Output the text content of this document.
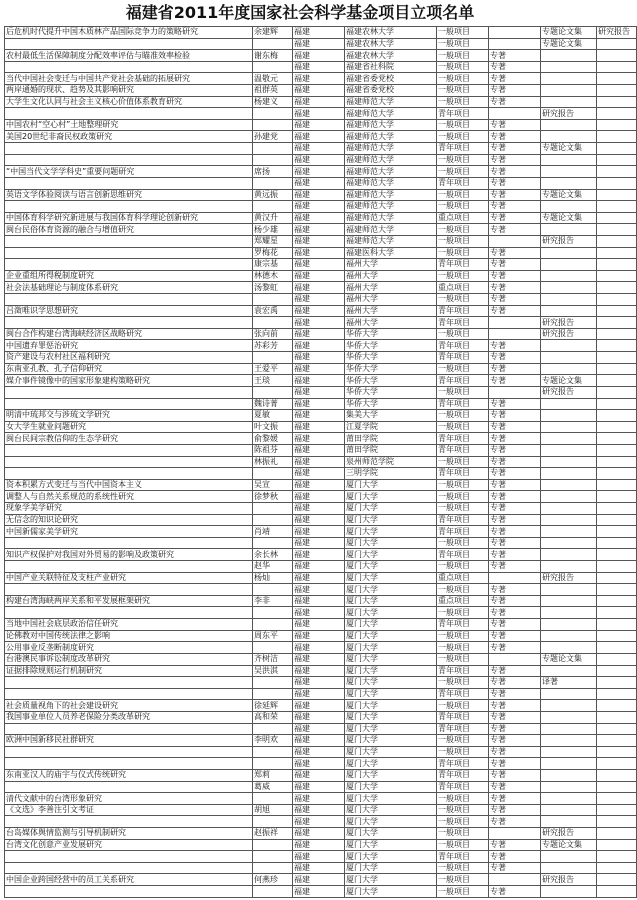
福建省2011年度国家社会科学基金项目立项名单
后危机时代提升中国木质林产品国际竞争力的策略研究	余建辉	福建	福建农林大学	一般项目		专题论文集	研究报告
		福建	福建农林大学	一般项目		专题论文集	
农村最低生活保障制度分配效率评估与瞄准效率检验	谢东梅	福建	福建农林大学	一般项目	专著		
		福建	福建省社科院	一般项目	专著		
当代中国社会变迁与中国共产党社会基础的拓展研究	温敬元	福建	福建省委党校	一般项目	专著		
两岸通婚的现状、趋势及其影响研究	祖群英	福建	福建省委党校	一般项目	专著		
大学生文化认同与社会主义核心价值体系教育研究	杨建义	福建	福建师范大学	一般项目	专著		
		福建	福建师范大学	青年项目		研究报告	
中国农村“空心村”土地整理研究		福建	福建师范大学	一般项目	专著		
美国20世纪非裔民权政策研究	孙建党	福建	福建师范大学	一般项目	专著		
		福建	福建师范大学	青年项目	专著	专题论文集	
		福建	福建师范大学	一般项目	专著		
“中国当代文学学科史”重要问题研究	席扬	福建	福建师范大学	一般项目	专著		
		福建	福建师范大学	青年项目	专著		
英语文学体验阅读与语言创新思维研究	黄远振	福建	福建师范大学	一般项目	专著	专题论文集	
		福建	福建师范大学	一般项目	专著		
中国体育科学研究新进展与我国体育科学理论创新研究	黄汉升	福建	福建师范大学	重点项目	专著	专题论文集	
闽台民俗体育资源的融合与增值研究	杨少雄	福建	福建师范大学	一般项目	专著		
	郑耀星	福建	福建师范大学	一般项目		研究报告	
	罗梅花	福建	福建医科大学	一般项目	专著		
	康宗基	福建	福州大学	青年项目	专著		
企业重组所得税制度研究	林德木	福建	福州大学	一般项目	专著		
社会法基础理论与制度体系研究	汤黎虹	福建	福州大学	重点项目	专著		
		福建	福州大学	一般项目	专著		
吕澂唯识学思想研究	袁宏禹	福建	福州大学	青年项目	专著		
		福建	福州大学	青年项目		研究报告	
闽台合作构建台湾海峡经济区战略研究	张向前	福建	华侨大学	一般项目		研究报告	
中国遗弃罪惩治研究	苏彩芳	福建	华侨大学	青年项目	专著		
资产建设与农村社区福利研究		福建	华侨大学	青年项目	专著		
东南亚孔教、孔子信仰研究	王爱平	福建	华侨大学	一般项目	专著		
媒介事件镜像中的国家形象建构策略研究	王琰	福建	华侨大学	青年项目	专著	专题论文集	
		福建	华侨大学	一般项目		研究报告	
	魏诗菁	福建	华侨大学	青年项目	专著		
明清中琉邦交与涉琉文学研究	夏敏	福建	集美大学	一般项目	专著		
女大学生就业问题研究	叶文振	福建	江夏学院	一般项目	专著		
闽台民间宗教信仰的生态学研究	俞黎媛	福建	莆田学院	青年项目	专著		
	陈祖芬	福建	莆田学院	青年项目	专著		
	林振礼	福建	泉州师范学院	一般项目	专著		
		福建	三明学院	青年项目	专著		
资本积累方式变迁与当代中国资本主义	吴宣	福建	厦门大学	一般项目	专著		
调整人与自然关系规范的系统性研究	徐梦秋	福建	厦门大学	一般项目	专著		
现象学美学研究		福建	厦门大学	一般项目	专著		
无信念的知识论研究		福建	厦门大学	青年项目	专著		
中国新儒家美学研究	肖靖	福建	厦门大学	青年项目	专著		
		福建	厦门大学	一般项目	专著		
知识产权保护对我国对外贸易的影响及政策研究	余长林	福建	厦门大学	青年项目	专著		
	赵华	福建	厦门大学	一般项目	专著		
中国产业关联特征及支柱产业研究	杨灿	福建	厦门大学	重点项目		研究报告	
		福建	厦门大学	一般项目	专著		
构建台湾海峡两岸关系和平发展框架研究	李非	福建	厦门大学	重点项目	专著		
		福建	厦门大学	一般项目	专著		
当地中国社会底层政治信任研究		福建	厦门大学	青年项目	专著		
论佛教对中国传统法律之影响	周东平	福建	厦门大学	一般项目	专著		
公用事业反垄断制度研究		福建	厦门大学	一般项目	专著		
台港澳民事诉讼制度改革研究	齐树洁	福建	厦门大学	一般项目		专题论文集	
证据排除规则运行机制研究	吴洪淇	福建	厦门大学	青年项目	专著		
		福建	厦门大学	一般项目	专著	译著	
		福建	厦门大学	青年项目	专著		
社会质量视角下的社会建设研究	徐延辉	福建	厦门大学	一般项目	专著		
我国事业单位人员养老保险分类改革研究	高和荣	福建	厦门大学	青年项目	专著		
		福建	厦门大学	青年项目	专著		
欧洲中国新移民社群研究	李明欢	福建	厦门大学	一般项目	专著		
		福建	厦门大学	一般项目	专著		
		福建	厦门大学	青年项目	专著		
东南亚汉人的庙宇与仪式传统研究	郑莉	福建	厦门大学	青年项目	专著		
	葛威	福建	厦门大学	青年项目	专著		
清代文献中的台湾形象研究		福建	厦门大学	一般项目	专著		
《文选》李善注引文考证	胡旭	福建	厦门大学	一般项目	专著		
		福建	厦门大学	一般项目	专著		
台岛媒体舆情监测与引导机制研究	赵振祥	福建	厦门大学	一般项目		研究报告	
台湾文化创意产业发展研究		福建	厦门大学	一般项目	专著	专题论文集	
		福建	厦门大学	青年项目	专著		
		福建	厦门大学	一般项目	专著		
中国企业跨国经营中的员工关系研究	何燕珍	福建	厦门大学	一般项目		研究报告	
		福建	厦门大学	一般项目	专著		
